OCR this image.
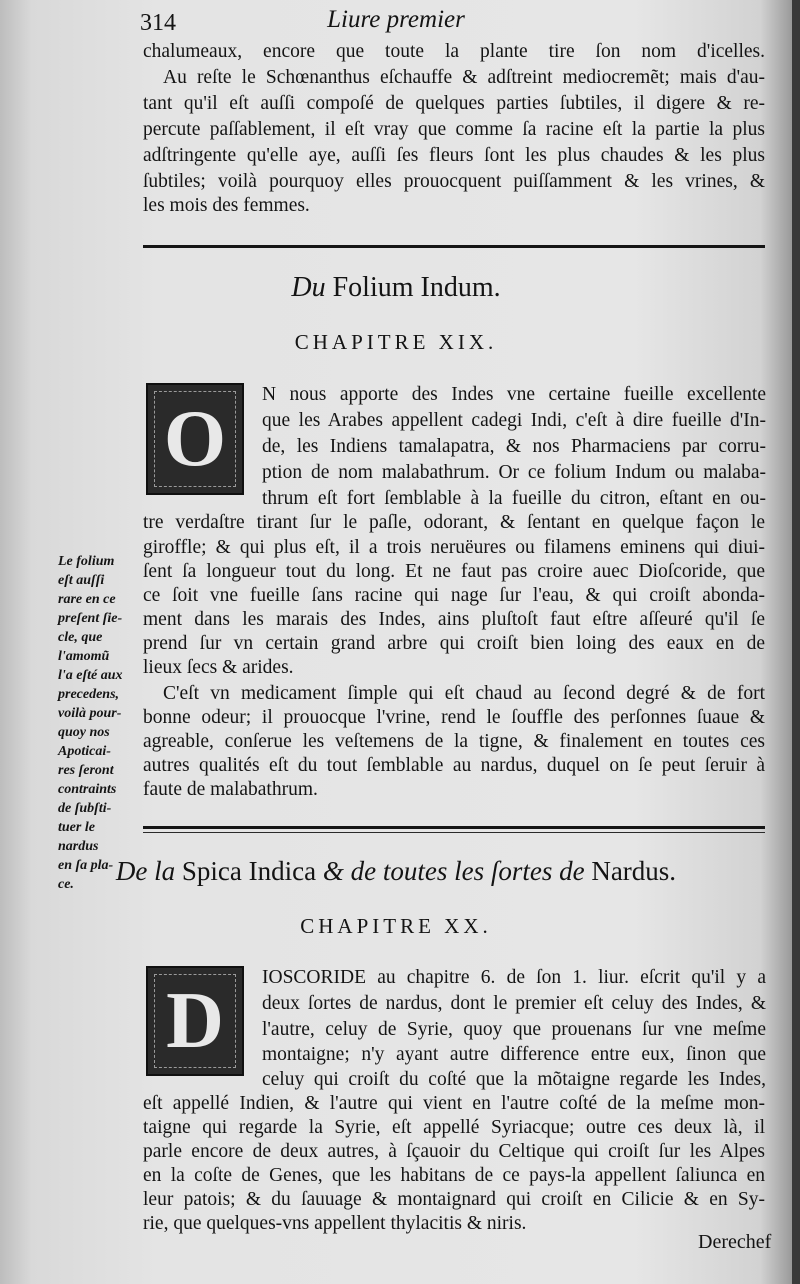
314	Liure premier
chalumeaux, encore que toute la plante tire ſon nom d'icelles.
Au reſte le Schœnanthus eſchauffe & adſtreint mediocremẽt; mais d'au-
tant qu'il eſt auſſi compoſé de quelques parties ſubtiles, il digere & re-
percute paſſablement, il eſt vray que comme ſa racine eſt la partie la plus
adſtringente qu'elle aye, auſſi ſes fleurs ſont les plus chaudes & les plus
ſubtiles; voilà pourquoy elles prouocquent puiſſamment & les vrines, &
les mois des femmes.
Du Folium Indum.
CHAPITRE XIX.
O N nous apporte des Indes vne certaine fueille excellente
que les Arabes appellent cadegi Indi, c'eſt à dire fueille d'In-
de, les Indiens tamalapatra, & nos Pharmaciens par corru-
ption de nom malabathrum. Or ce folium Indum ou malaba-
thrum eſt fort ſemblable à la fueille du citron, eſtant en ou-
tre verdaſtre tirant ſur le paſle, odorant, & ſentant en quelque façon le
giroffle; & qui plus eſt, il a trois neruëures ou filamens eminens qui diui-
ſent ſa longueur tout du long. Et ne faut pas croire auec Dioſcoride, que
ce ſoit vne fueille ſans racine qui nage ſur l'eau, & qui croiſt abonda-
ment dans les marais des Indes, ains pluſtoſt faut eſtre aſſeuré qu'il ſe
prend ſur vn certain grand arbre qui croiſt bien loing des eaux en de
lieux ſecs & arides.
C'eſt vn medicament ſimple qui eſt chaud au ſecond degré & de fort
bonne odeur; il prouocque l'vrine, rend le ſouffle des perſonnes ſuaue &
agreable, conſerue les veſtemens de la tigne, & finalement en toutes ces
autres qualités eſt du tout ſemblable au nardus, duquel on ſe peut ſeruir à
faute de malabathrum.
Le folium
eſt auſſi
rare en ce
preſent ſie-
cle, que
l'amomũ
l'a eſté aux
precedens,
voilà pour-
quoy nos
Apoticai-
res ſeront
contraints
de ſubſti-
tuer le
nardus
en ſa pla-
ce.	De la Spica Indica & de toutes les ſortes de Nardus.
CHAPITRE XX.
D IOSCORIDE au chapitre 6. de ſon 1. liur. eſcrit qu'il y a
deux ſortes de nardus, dont le premier eſt celuy des Indes, &
l'autre, celuy de Syrie, quoy que prouenans ſur vne meſme
montaigne; n'y ayant autre difference entre eux, ſinon que
celuy qui croiſt du coſté que la mõtaigne regarde les Indes,
eſt appellé Indien, & l'autre qui vient en l'autre coſté de la meſme mon-
taigne qui regarde la Syrie, eſt appellé Syriacque; outre ces deux là, il
parle encore de deux autres, à ſçauoir du Celtique qui croiſt ſur les Alpes
en la coſte de Genes, que les habitans de ce pays-la appellent ſaliunca en
leur patois; & du ſauuage & montaignard qui croiſt en Cilicie & en Sy-
rie, que quelques-vns appellent thylacitis & niris.
Derechef
